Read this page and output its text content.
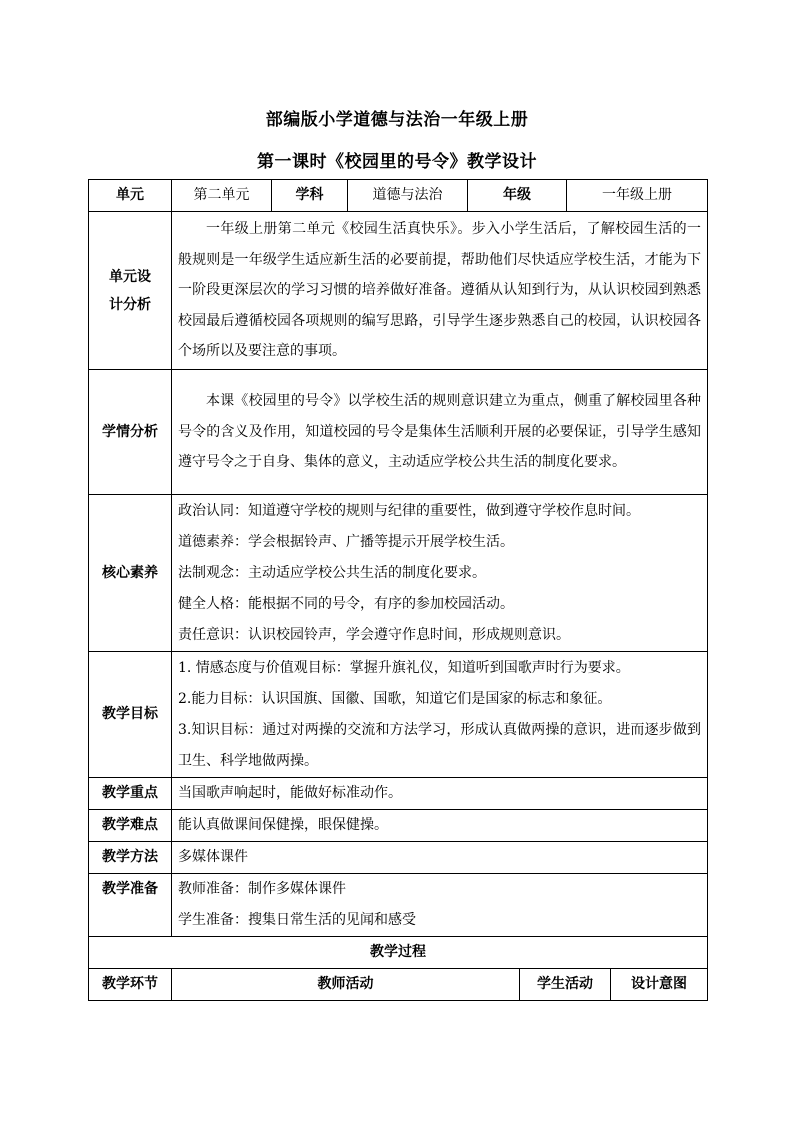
部编版小学道德与法治一年级上册
第一课时《校园里的号令》教学设计
单元	第二单元	学科	道德与法治	年级		一年级上册	

单元设计分析	一年级上册第二单元《校园生活真快乐》。步入小学生活后，了解校园生活的一般规则是一年级学生适应新生活的必要前提，帮助他们尽快适应学校生活，才能为下一阶段更深层次的学习习惯的培养做好准备。遵循从认知到行为，从认识校园到熟悉校园最后遵循校园各项规则的编写思路，引导学生逐步熟悉自己的校园，认识校园各个场所以及要注意的事项。						

学情分析	本课《校园里的号令》以学校生活的规则意识建立为重点，侧重了解校园里各种号令的含义及作用，知道校园的号令是集体生活顺利开展的必要保证，引导学生感知遵守号令之于自身、集体的意义，主动适应学校公共生活的制度化要求。						

核心素养	政治认同：知道遵守学校的规则与纪律的重要性，做到遵守学校作息时间。
道德素养：学会根据铃声、广播等提示开展学校生活。
法制观念：主动适应学校公共生活的制度化要求。
健全人格：能根据不同的号令，有序的参加校园活动。
责任意识：认识校园铃声，学会遵守作息时间，形成规则意识。						

教学目标	1. 情感态度与价值观目标：掌握升旗礼仪，知道听到国歌声时行为要求。
2.能力目标：认识国旗、国徽、国歌，知道它们是国家的标志和象征。
3.知识目标：通过对两操的交流和方法学习，形成认真做两操的意识，进而逐步做到卫生、科学地做两操。						

教学重点	当国歌声响起时，能做好标准动作。						
教学难点	能认真做课间保健操，眼保健操。						
教学方法	多媒体课件						
教学准备	教师准备：制作多媒体课件
学生准备：搜集日常生活的见闻和感受						

教学过程							
教学环节	教师活动				学生活动		设计意图
